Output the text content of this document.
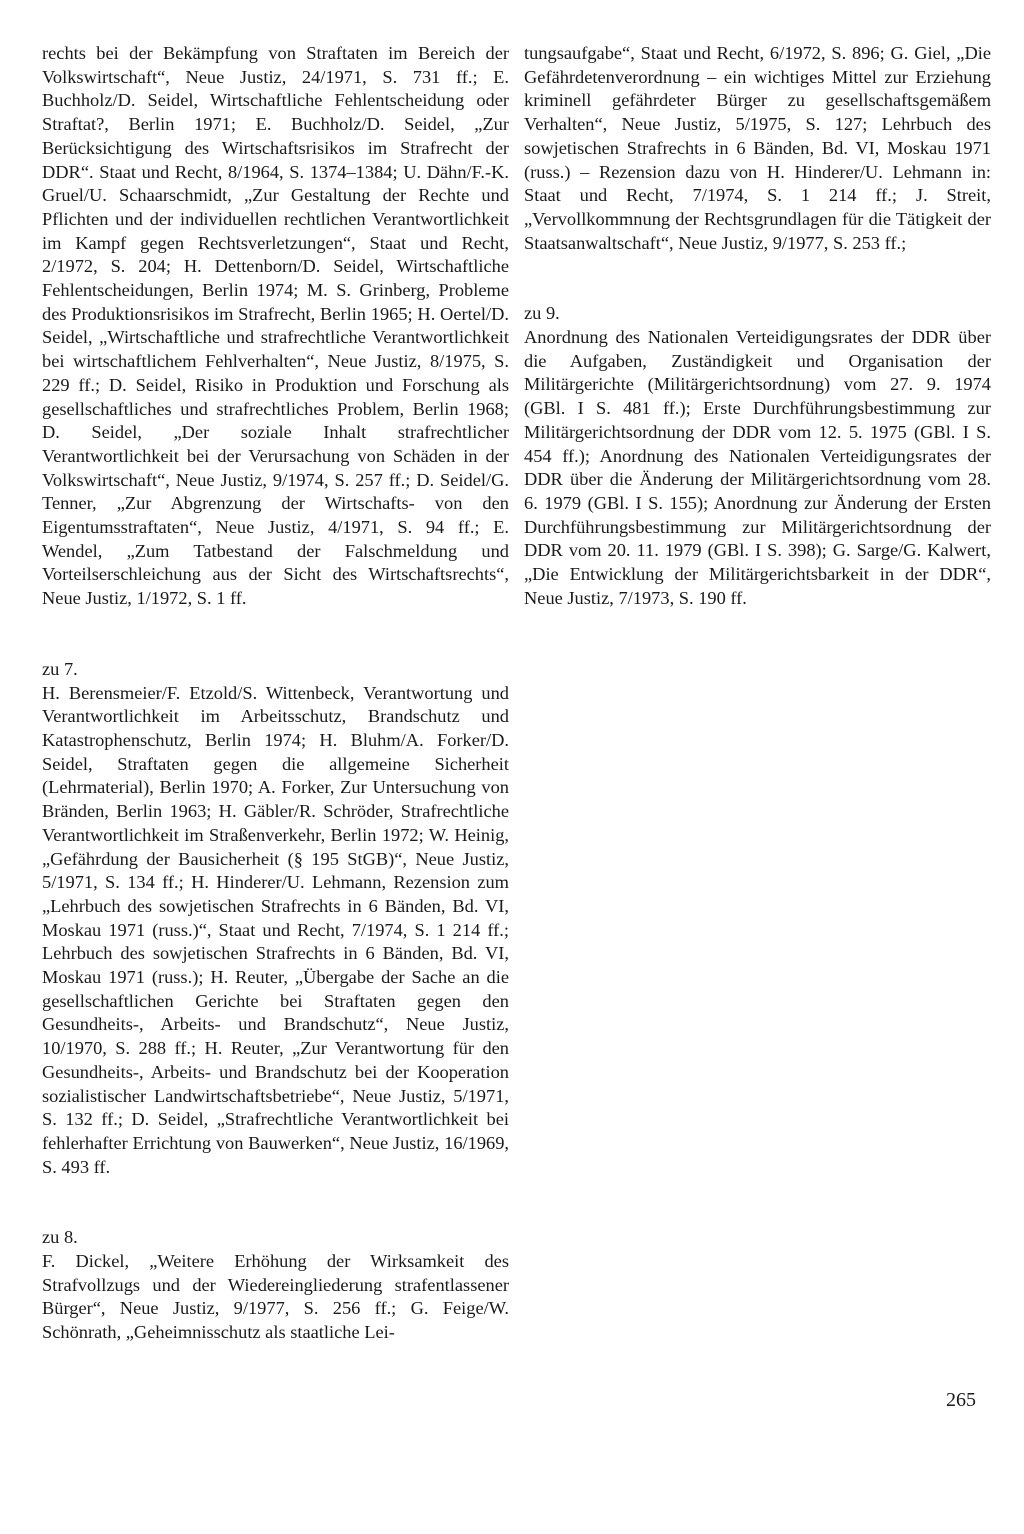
rechts bei der Bekämpfung von Straftaten im Bereich der Volkswirtschaft“, Neue Justiz, 24/1971, S. 731 ff.; E. Buchholz/D. Seidel, Wirtschaftliche Fehlentscheidung oder Straftat?, Berlin 1971; E. Buchholz/D. Seidel, „Zur Berücksichtigung des Wirtschaftsrisikos im Strafrecht der DDR“. Staat und Recht, 8/1964, S. 1374–1384; U. Dähn/F.-K. Gruel/U. Schaarschmidt, „Zur Gestaltung der Rechte und Pflichten und der individuellen rechtlichen Verantwortlichkeit im Kampf gegen Rechtsverletzungen“, Staat und Recht, 2/1972, S. 204; H. Dettenborn/D. Seidel, Wirtschaftliche Fehlentscheidungen, Berlin 1974; M. S. Grinberg, Probleme des Produktionsrisikos im Strafrecht, Berlin 1965; H. Oertel/D. Seidel, „Wirtschaftliche und strafrechtliche Verantwortlichkeit bei wirtschaftlichem Fehlverhalten“, Neue Justiz, 8/1975, S. 229 ff.; D. Seidel, Risiko in Produktion und Forschung als gesellschaftliches und strafrechtliches Problem, Berlin 1968; D. Seidel, „Der soziale Inhalt strafrechtlicher Verantwortlichkeit bei der Verursachung von Schäden in der Volkswirtschaft“, Neue Justiz, 9/1974, S. 257 ff.; D. Seidel/G. Tenner, „Zur Abgrenzung der Wirtschafts- von den Eigentumsstraftaten“, Neue Justiz, 4/1971, S. 94 ff.; E. Wendel, „Zum Tatbestand der Falschmeldung und Vorteilserschleichung aus der Sicht des Wirtschaftsrechts“, Neue Justiz, 1/1972, S. 1 ff.

zu 7.

H. Berensmeier/F. Etzold/S. Wittenbeck, Verantwortung und Verantwortlichkeit im Arbeitsschutz, Brandschutz und Katastrophenschutz, Berlin 1974; H. Bluhm/A. Forker/D. Seidel, Straftaten gegen die allgemeine Sicherheit (Lehrmaterial), Berlin 1970; A. Forker, Zur Untersuchung von Bränden, Berlin 1963; H. Gäbler/R. Schröder, Strafrechtliche Verantwortlichkeit im Straßenverkehr, Berlin 1972; W. Heinig, „Gefährdung der Bausicherheit (§ 195 StGB)“, Neue Justiz, 5/1971, S. 134 ff.; H. Hinderer/U. Lehmann, Rezension zum „Lehrbuch des sowjetischen Strafrechts in 6 Bänden, Bd. VI, Moskau 1971 (russ.)“, Staat und Recht, 7/1974, S. 1 214 ff.; Lehrbuch des sowjetischen Strafrechts in 6 Bänden, Bd. VI, Moskau 1971 (russ.); H. Reuter, „Übergabe der Sache an die gesellschaftlichen Gerichte bei Straftaten gegen den Gesundheits-, Arbeits- und Brandschutz“, Neue Justiz, 10/1970, S. 288 ff.; H. Reuter, „Zur Verantwortung für den Gesundheits-, Arbeits- und Brandschutz bei der Kooperation sozialistischer Landwirtschaftsbetriebe“, Neue Justiz, 5/1971, S. 132 ff.; D. Seidel, „Strafrechtliche Verantwortlichkeit bei fehlerhafter Errichtung von Bauwerken“, Neue Justiz, 16/1969, S. 493 ff.

zu 8.

F. Dickel, „Weitere Erhöhung der Wirksamkeit des Strafvollzugs und der Wiedereingliederung strafentlassener Bürger“, Neue Justiz, 9/1977, S. 256 ff.; G. Feige/W. Schönrath, „Geheimnisschutz als staatliche Lei-

tungsaufgabe“, Staat und Recht, 6/1972, S. 896; G. Giel, „Die Gefährdetenverordnung – ein wichtiges Mittel zur Erziehung kriminell gefährdeter Bürger zu gesellschaftsgemäßem Verhalten“, Neue Justiz, 5/1975, S. 127; Lehrbuch des sowjetischen Strafrechts in 6 Bänden, Bd. VI, Moskau 1971 (russ.) – Rezension dazu von H. Hinderer/U. Lehmann in: Staat und Recht, 7/1974, S. 1 214 ff.; J. Streit, „Vervollkommnung der Rechtsgrundlagen für die Tätigkeit der Staatsanwaltschaft“, Neue Justiz, 9/1977, S. 253 ff.;

zu 9.

Anordnung des Nationalen Verteidigungsrates der DDR über die Aufgaben, Zuständigkeit und Organisation der Militärgerichte (Militärgerichtsordnung) vom 27. 9. 1974 (GBl. I S. 481 ff.); Erste Durchführungsbestimmung zur Militärgerichtsordnung der DDR vom 12. 5. 1975 (GBl. I S. 454 ff.); Anordnung des Nationalen Verteidigungsrates der DDR über die Änderung der Militärgerichtsordnung vom 28. 6. 1979 (GBl. I S. 155); Anordnung zur Änderung der Ersten Durchführungsbestimmung zur Militärgerichtsordnung der DDR vom 20. 11. 1979 (GBl. I S. 398); G. Sarge/G. Kalwert, „Die Entwicklung der Militärgerichtsbarkeit in der DDR“, Neue Justiz, 7/1973, S. 190 ff.

265
